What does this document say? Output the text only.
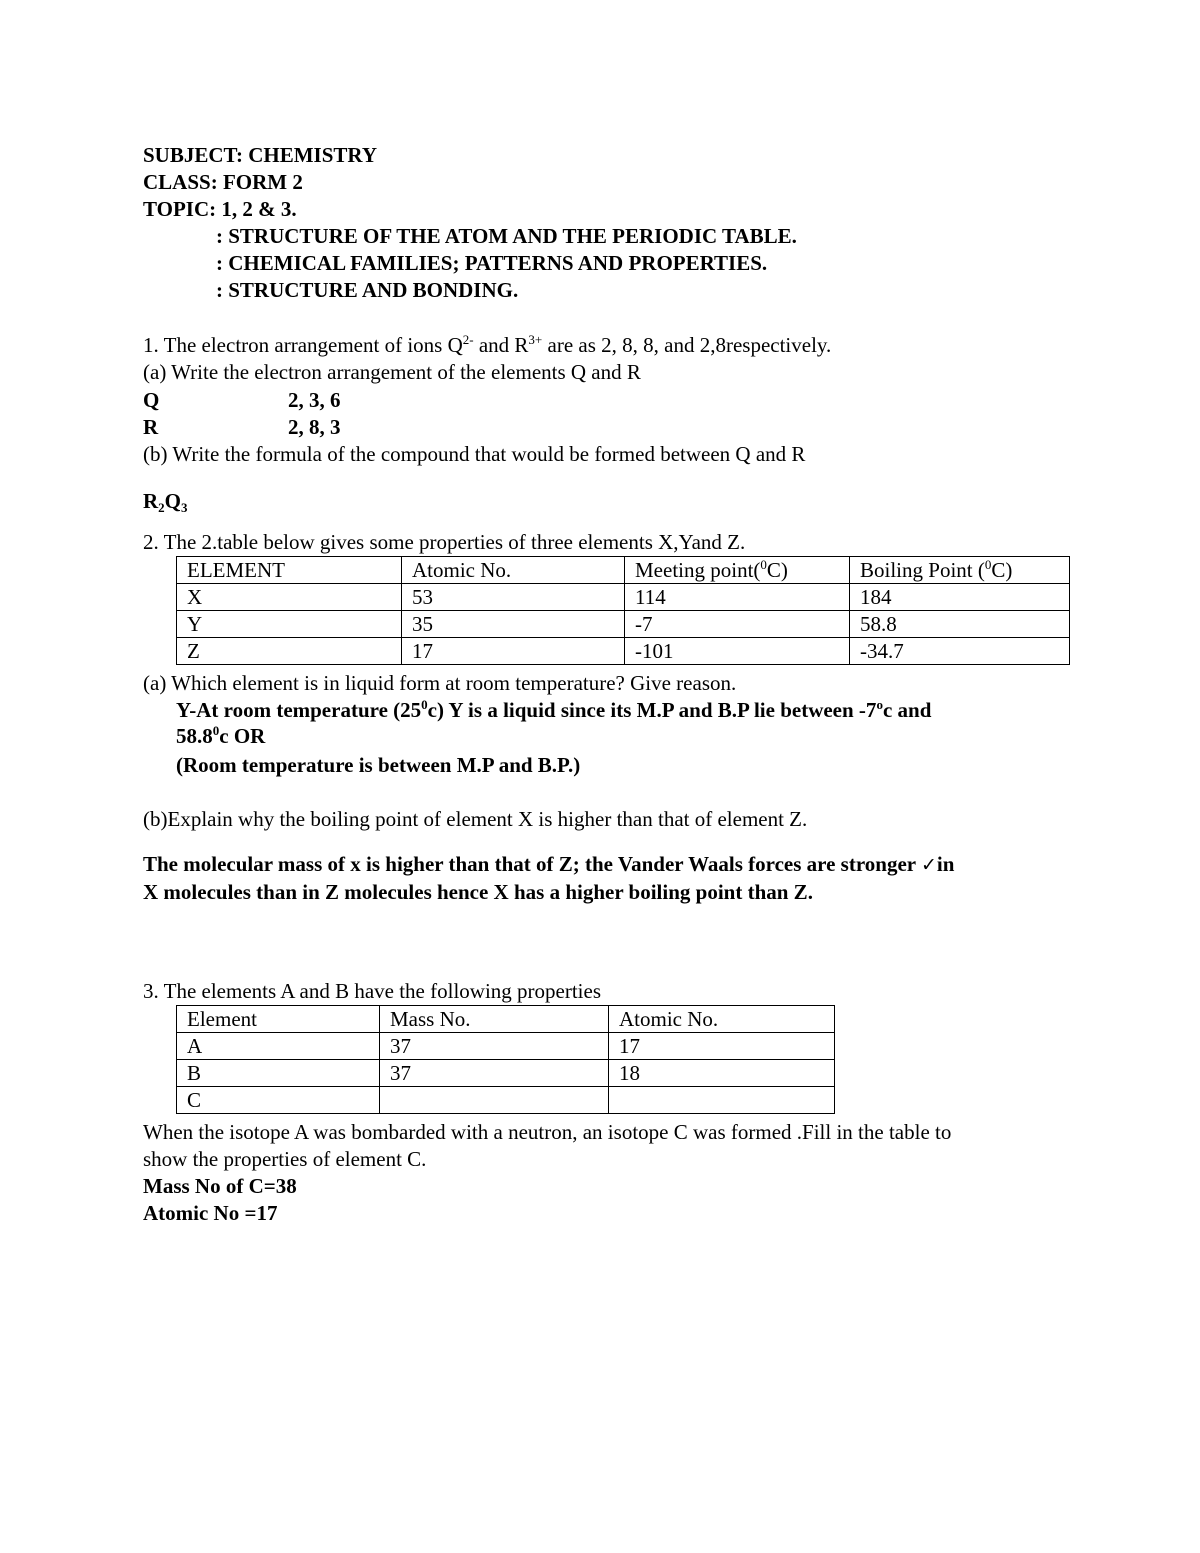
SUBJECT: CHEMISTRY
CLASS: FORM 2
TOPIC: 1, 2 & 3.
: STRUCTURE OF THE ATOM AND THE PERIODIC TABLE.
: CHEMICAL FAMILIES; PATTERNS AND PROPERTIES.
: STRUCTURE AND BONDING.
1. The electron arrangement of ions $Q^{2-}$ and $R^{3+}$ are as 2, 8, 8, and 2,8respectively.
(a) Write the electron arrangement of the elements Q and R
Q	2, 3, 6
R	2, 8, 3
(b) Write the formula of the compound that would be formed between Q and R
$R_2Q_3$
2. The 2.table below gives some properties of three elements X,Yand Z.
ELEMENT	Atomic No.	Meeting point($^0$C)	Boiling Point ($^0$C)
X	53	114	184
Y	35	-7	58.8
Z	17	-101	-34.7
(a) Which element is in liquid form at room temperature? Give reason.
Y-At room temperature $(25^0c)$ Y is a liquid since its M.P and B.P lie between -7$^o$c and
58.8$^0$c OR
(Room temperature is between M.P and B.P.)
(b)Explain why the boiling point of element X is higher than that of element Z.
The molecular mass of x is higher than that of Z; the Vander Waals forces are stronger ✓in
X molecules than in Z molecules hence X has a higher boiling point than Z.
3. The elements A and B have the following properties
Element	Mass No.	Atomic No.
A	37	17
B	37	18
C		
When the isotope A was bombarded with a neutron, an isotope C was formed .Fill in the table to
show the properties of element C.
Mass No of C=38
Atomic No =17
